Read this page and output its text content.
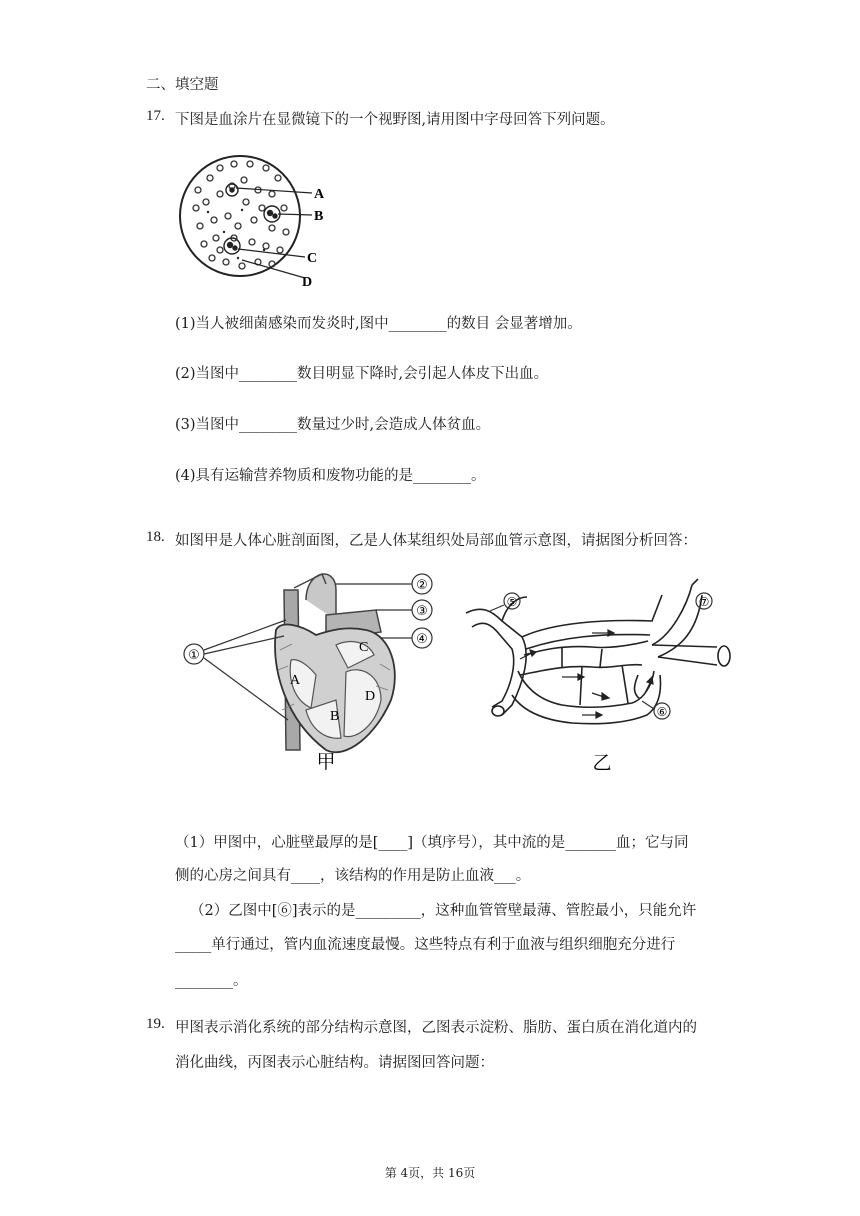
二、填空题
17. 下图是血涂片在显微镜下的一个视野图,请用图中字母回答下列问题。
A
B
C
D
(1)当人被细菌感染而发炎时,图中________的数目 会显著增加。
(2)当图中________数目明显下降时,会引起人体皮下出血。
(3)当图中________数量过少时,会造成人体贫血。
(4)具有运输营养物质和废物功能的是________。
18. 如图甲是人体心脏剖面图，乙是人体某组织处局部血管示意图，请据图分析回答：
A
B
C
D
①
②
③
④
甲
⑤
⑥
⑦
乙
（1）甲图中，心脏壁最厚的是[____]（填序号），其中流的是_______血；它与同
侧的心房之间具有____，该结构的作用是防止血液___。
（2）乙图中[⑥]表示的是_________，这种血管管壁最薄、管腔最小，只能允许
_____单行通过，管内血流速度最慢。这些特点有利于血液与组织细胞充分进行
________。
19. 甲图表示消化系统的部分结构示意图，乙图表示淀粉、脂肪、蛋白质在消化道内的
消化曲线，丙图表示心脏结构。请据图回答问题：
第 4页，共 16页
